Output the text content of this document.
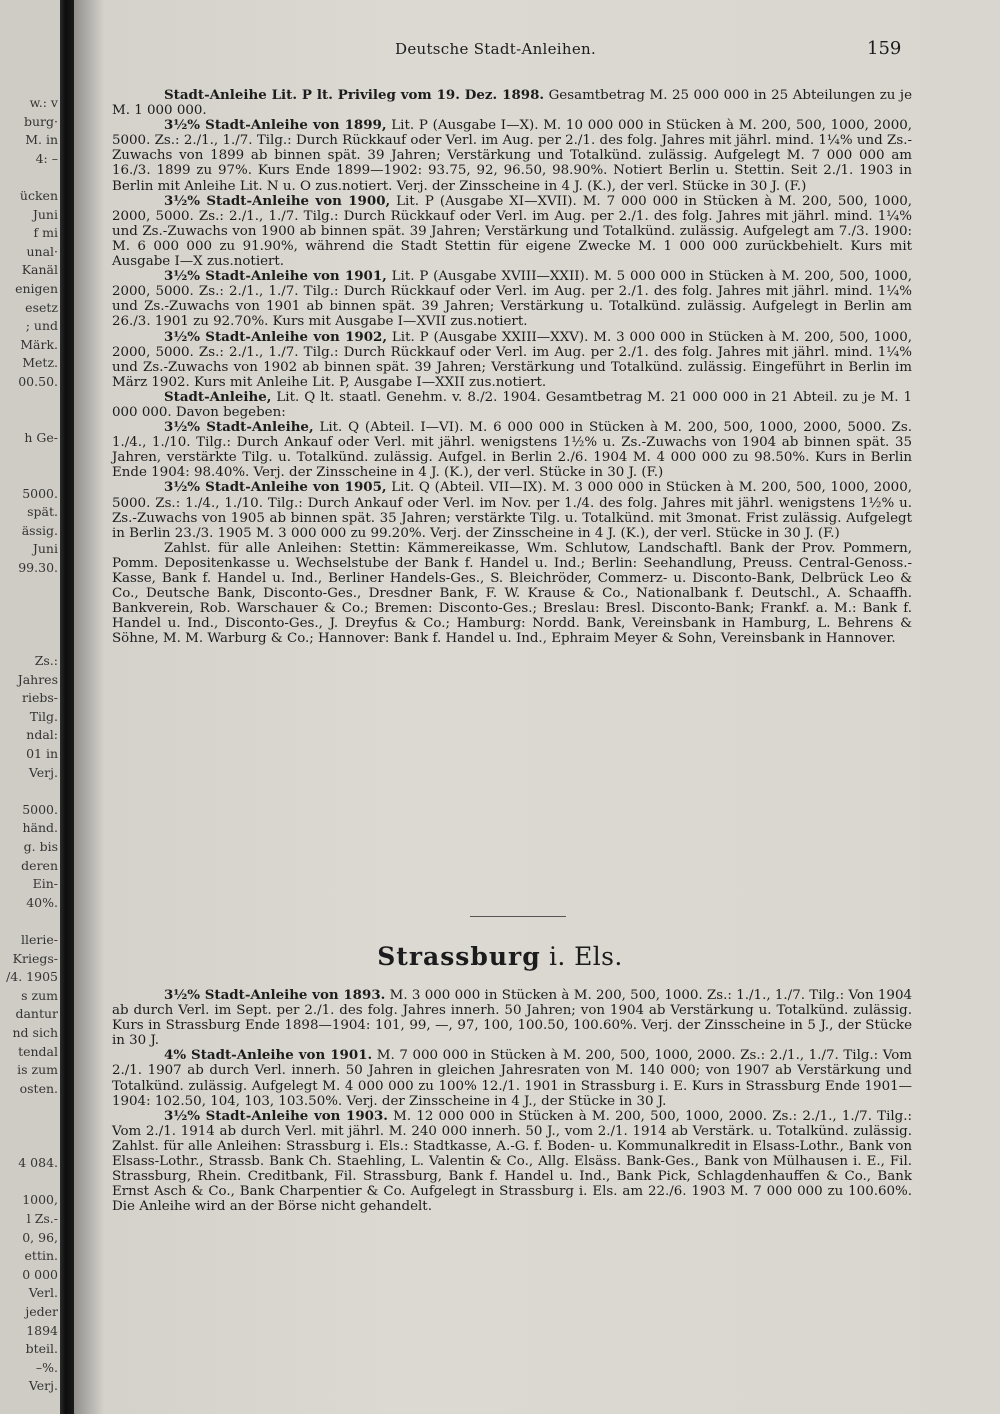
w.: v
burg·
M. in
4: –
ücken
Juni
f mi
unal·
Kanäl
enigen
esetz
; und
Märk.
Metz.
00.50.
h Ge-
5000.
spät.
ässig.
Juni
99.30.
Zs.:
Jahres
riebs-
Tilg.
ndal:
01 in
Verj.
5000.
händ.
g. bis
deren
Ein-
40%.
llerie-
Kriegs-
/4. 1905
s zum
dantur
nd sich
tendal
is zum
osten.
4 084.
1000,
l Zs.-
0, 96,
ettin.
0 000
Verl.
jeder
1894
bteil.
–%.
Verj.
Deutsche Stadt-Anleihen.	159

Stadt-Anleihe Lit. P lt. Privileg vom 19. Dez. 1898. Gesamtbetrag M. 25 000 000 in 25 Abteilungen zu je M. 1 000 000.

3½% Stadt-Anleihe von 1899, Lit. P (Ausgabe I—X). M. 10 000 000 in Stücken à M. 200, 500, 1000, 2000, 5000. Zs.: 2./1., 1./7. Tilg.: Durch Rückkauf oder Verl. im Aug. per 2./1. des folg. Jahres mit jährl. mind. 1¼% und Zs.-Zuwachs von 1899 ab binnen spät. 39 Jahren; Verstärkung und Totalkünd. zulässig. Aufgelegt M. 7 000 000 am 16./3. 1899 zu 97%. Kurs Ende 1899—1902: 93.75, 92, 96.50, 98.90%. Notiert Berlin u. Stettin. Seit 2./1. 1903 in Berlin mit Anleihe Lit. N u. O zus.notiert. Verj. der Zinsscheine in 4 J. (K.), der verl. Stücke in 30 J. (F.)

3½% Stadt-Anleihe von 1900, Lit. P (Ausgabe XI—XVII). M. 7 000 000 in Stücken à M. 200, 500, 1000, 2000, 5000. Zs.: 2./1., 1./7. Tilg.: Durch Rückkauf oder Verl. im Aug. per 2./1. des folg. Jahres mit jährl. mind. 1¼% und Zs.-Zuwachs von 1900 ab binnen spät. 39 Jahren; Verstärkung und Totalkünd. zulässig. Aufgelegt am 7./3. 1900: M. 6 000 000 zu 91.90%, während die Stadt Stettin für eigene Zwecke M. 1 000 000 zurückbehielt. Kurs mit Ausgabe I—X zus.notiert.

3½% Stadt-Anleihe von 1901, Lit. P (Ausgabe XVIII—XXII). M. 5 000 000 in Stücken à M. 200, 500, 1000, 2000, 5000. Zs.: 2./1., 1./7. Tilg.: Durch Rückkauf oder Verl. im Aug. per 2./1. des folg. Jahres mit jährl. mind. 1¼% und Zs.-Zuwachs von 1901 ab binnen spät. 39 Jahren; Verstärkung u. Totalkünd. zulässig. Aufgelegt in Berlin am 26./3. 1901 zu 92.70%. Kurs mit Ausgabe I—XVII zus.notiert.

3½% Stadt-Anleihe von 1902, Lit. P (Ausgabe XXIII—XXV). M. 3 000 000 in Stücken à M. 200, 500, 1000, 2000, 5000. Zs.: 2./1., 1./7. Tilg.: Durch Rückkauf oder Verl. im Aug. per 2./1. des folg. Jahres mit jährl. mind. 1¼% und Zs.-Zuwachs von 1902 ab binnen spät. 39 Jahren; Verstärkung und Totalkünd. zulässig. Eingeführt in Berlin im März 1902. Kurs mit Anleihe Lit. P, Ausgabe I—XXII zus.notiert.

Stadt-Anleihe, Lit. Q lt. staatl. Genehm. v. 8./2. 1904. Gesamtbetrag M. 21 000 000 in 21 Abteil. zu je M. 1 000 000. Davon begeben:

3½% Stadt-Anleihe, Lit. Q (Abteil. I—VI). M. 6 000 000 in Stücken à M. 200, 500, 1000, 2000, 5000. Zs. 1./4., 1./10. Tilg.: Durch Ankauf oder Verl. mit jährl. wenigstens 1½% u. Zs.-Zuwachs von 1904 ab binnen spät. 35 Jahren, verstärkte Tilg. u. Totalkünd. zulässig. Aufgel. in Berlin 2./6. 1904 M. 4 000 000 zu 98.50%. Kurs in Berlin Ende 1904: 98.40%. Verj. der Zinsscheine in 4 J. (K.), der verl. Stücke in 30 J. (F.)

3½% Stadt-Anleihe von 1905, Lit. Q (Abteil. VII—IX). M. 3 000 000 in Stücken à M. 200, 500, 1000, 2000, 5000. Zs.: 1./4., 1./10. Tilg.: Durch Ankauf oder Verl. im Nov. per 1./4. des folg. Jahres mit jährl. wenigstens 1½% u. Zs.-Zuwachs von 1905 ab binnen spät. 35 Jahren; verstärkte Tilg. u. Totalkünd. mit 3monat. Frist zulässig. Aufgelegt in Berlin 23./3. 1905 M. 3 000 000 zu 99.20%. Verj. der Zinsscheine in 4 J. (K.), der verl. Stücke in 30 J. (F.)

Zahlst. für alle Anleihen: Stettin: Kämmereikasse, Wm. Schlutow, Landschaftl. Bank der Prov. Pommern, Pomm. Depositenkasse u. Wechselstube der Bank f. Handel u. Ind.; Berlin: Seehandlung, Preuss. Central-Genoss.-Kasse, Bank f. Handel u. Ind., Berliner Handels-Ges., S. Bleichröder, Commerz- u. Disconto-Bank, Delbrück Leo & Co., Deutsche Bank, Disconto-Ges., Dresdner Bank, F. W. Krause & Co., Nationalbank f. Deutschl., A. Schaaffh. Bankverein, Rob. Warschauer & Co.; Bremen: Disconto-Ges.; Breslau: Bresl. Disconto-Bank; Frankf. a. M.: Bank f. Handel u. Ind., Disconto-Ges., J. Dreyfus & Co.; Hamburg: Nordd. Bank, Vereinsbank in Hamburg, L. Behrens & Söhne, M. M. Warburg & Co.; Hannover: Bank f. Handel u. Ind., Ephraim Meyer & Sohn, Vereinsbank in Hannover.

Strassburg i. Els.

3½% Stadt-Anleihe von 1893. M. 3 000 000 in Stücken à M. 200, 500, 1000. Zs.: 1./1., 1./7. Tilg.: Von 1904 ab durch Verl. im Sept. per 2./1. des folg. Jahres innerh. 50 Jahren; von 1904 ab Verstärkung u. Totalkünd. zulässig. Kurs in Strassburg Ende 1898—1904: 101, 99, —, 97, 100, 100.50, 100.60%. Verj. der Zinsscheine in 5 J., der Stücke in 30 J.

4% Stadt-Anleihe von 1901. M. 7 000 000 in Stücken à M. 200, 500, 1000, 2000. Zs.: 2./1., 1./7. Tilg.: Vom 2./1. 1907 ab durch Verl. innerh. 50 Jahren in gleichen Jahresraten von M. 140 000; von 1907 ab Verstärkung und Totalkünd. zulässig. Aufgelegt M. 4 000 000 zu 100% 12./1. 1901 in Strassburg i. E. Kurs in Strassburg Ende 1901—1904: 102.50, 104, 103, 103.50%. Verj. der Zinsscheine in 4 J., der Stücke in 30 J.

3½% Stadt-Anleihe von 1903. M. 12 000 000 in Stücken à M. 200, 500, 1000, 2000. Zs.: 2./1., 1./7. Tilg.: Vom 2./1. 1914 ab durch Verl. mit jährl. M. 240 000 innerh. 50 J., vom 2./1. 1914 ab Verstärk. u. Totalkünd. zulässig. Zahlst. für alle Anleihen: Strassburg i. Els.: Stadtkasse, A.-G. f. Boden- u. Kommunalkredit in Elsass-Lothr., Bank von Elsass-Lothr., Strassb. Bank Ch. Staehling, L. Valentin & Co., Allg. Elsäss. Bank-Ges., Bank von Mülhausen i. E., Fil. Strassburg, Rhein. Creditbank, Fil. Strassburg, Bank f. Handel u. Ind., Bank Pick, Schlagdenhauffen & Co., Bank Ernst Asch & Co., Bank Charpentier & Co. Aufgelegt in Strassburg i. Els. am 22./6. 1903 M. 7 000 000 zu 100.60%. Die Anleihe wird an der Börse nicht gehandelt.
